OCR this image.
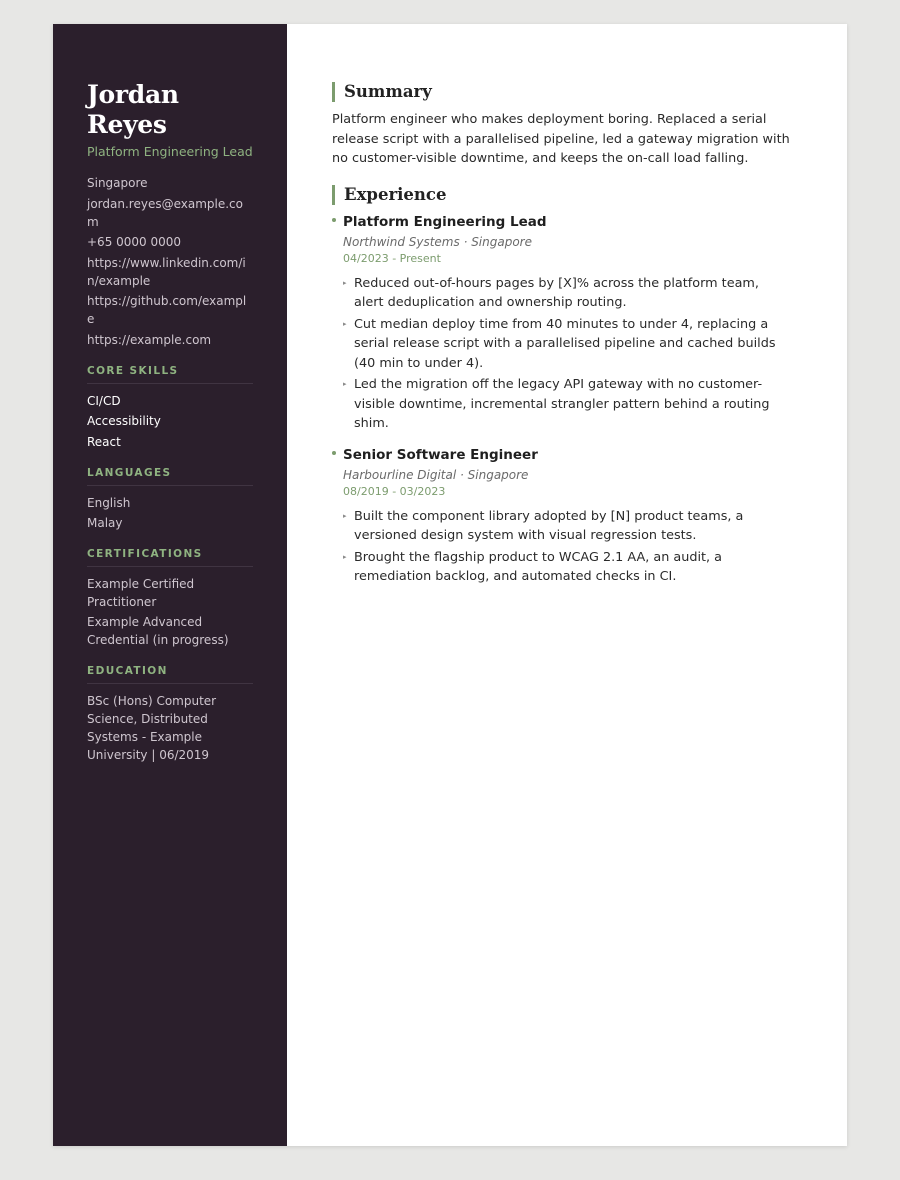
Jordan Reyes
Platform Engineering Lead
Singapore
jordan.reyes@example.com
+65 0000 0000
https://www.linkedin.com/in/example
https://github.com/example
https://example.com
CORE SKILLS
CI/CD
Accessibility
React
LANGUAGES
English
Malay
CERTIFICATIONS
Example Certified Practitioner
Example Advanced Credential (in progress)
EDUCATION
BSc (Hons) Computer Science, Distributed Systems - Example University | 06/2019
Summary

Platform engineer who makes deployment boring. Replaced a serial release script with a parallelised pipeline, led a gateway migration with no customer-visible downtime, and keeps the on-call load falling.

Experience
Platform Engineering Lead
Northwind Systems · Singapore
04/2023 - Present
▸ Reduced out-of-hours pages by [X]% across the platform team, alert deduplication and ownership routing.
▸ Cut median deploy time from 40 minutes to under 4, replacing a serial release script with a parallelised pipeline and cached builds (40 min to under 4).
▸ Led the migration off the legacy API gateway with no customer-visible downtime, incremental strangler pattern behind a routing shim.
Senior Software Engineer
Harbourline Digital · Singapore
08/2019 - 03/2023
▸ Built the component library adopted by [N] product teams, a versioned design system with visual regression tests.
▸ Brought the flagship product to WCAG 2.1 AA, an audit, a remediation backlog, and automated checks in CI.
